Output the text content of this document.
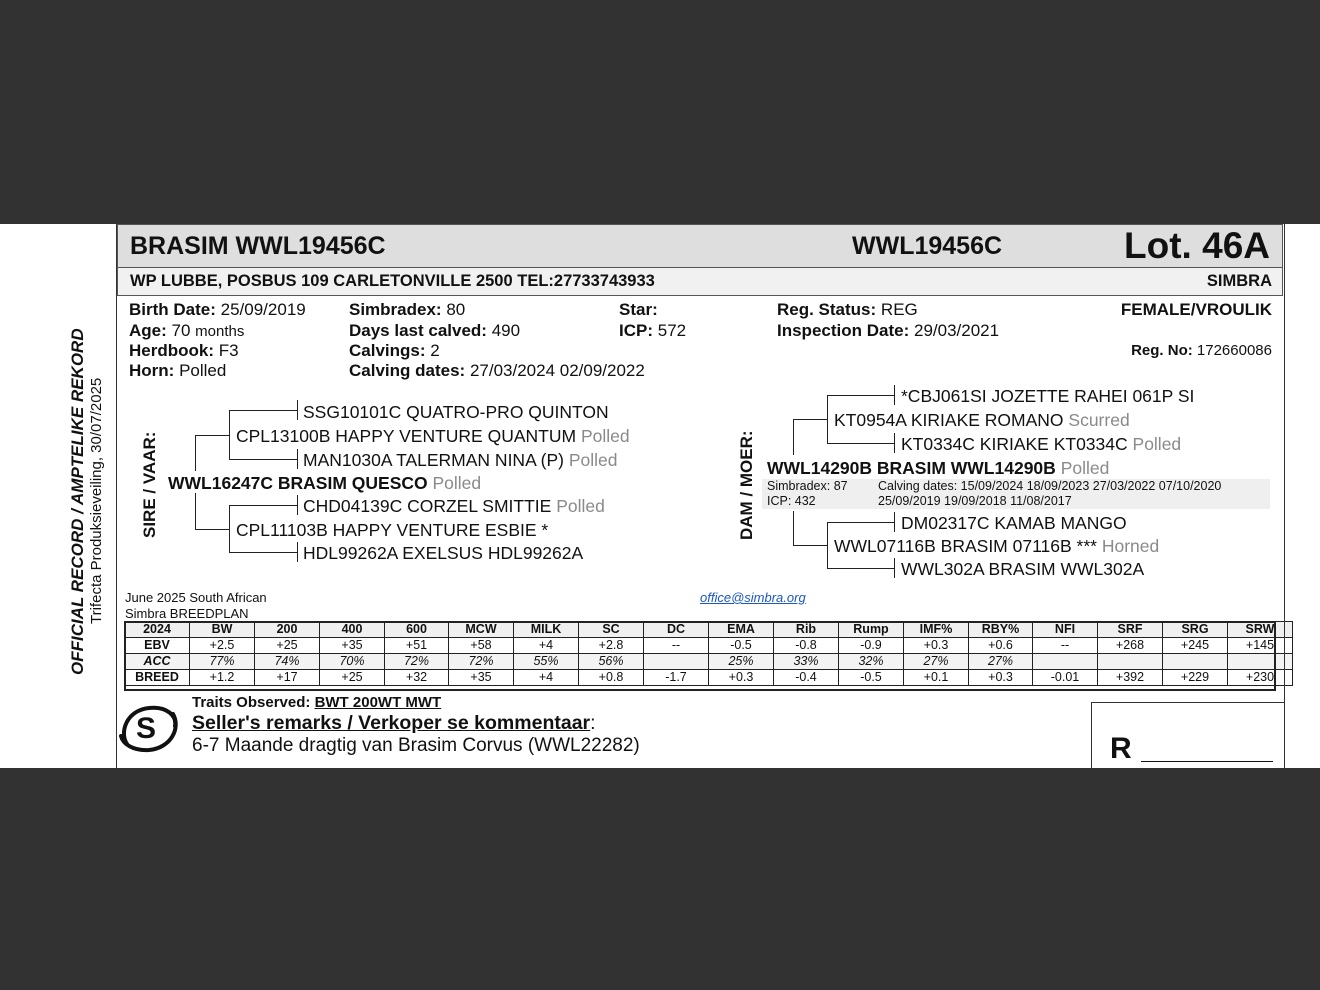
OFFICIAL RECORD / AMPTELIKE REKORD Trifecta Produksieveiling, 30/07/2025
BRASIM WWL19456C	WWL19456C	Lot. 46A
WP LUBBE, POSBUS 109 CARLETONVILLE 2500 TEL:27733743933	SIMBRA
Birth Date: 25/09/2019
Age: 70 months
Herdbook: F3
Horn: Polled
Simbradex: 80
Days last calved: 490
Calvings: 2
Calving dates: 27/03/2024 02/09/2022
Star:
ICP: 572
Reg. Status: REG
Inspection Date: 29/03/2021
FEMALE/VROULIK
Reg. No: 172660086
SIRE / VAAR:
SSG10101C QUATRO-PRO QUINTON
CPL13100B HAPPY VENTURE QUANTUM Polled
MAN1030A TALERMAN NINA (P) Polled
WWL16247C BRASIM QUESCO Polled
CHD04139C CORZEL SMITTIE Polled
CPL11103B HAPPY VENTURE ESBIE *
HDL99262A EXELSUS HDL99262A
DAM / MOER:
*CBJ061SI JOZETTE RAHEI 061P SI
KT0954A KIRIAKE ROMANO Scurred
KT0334C KIRIAKE KT0334C Polled
WWL14290B BRASIM WWL14290B Polled
Simbradex: 87
ICP: 432
Calving dates: 15/09/2024 18/09/2023 27/03/2022 07/10/2020
25/09/2019 19/09/2018 11/08/2017
DM02317C KAMAB MANGO
WWL07116B BRASIM 07116B *** Horned
WWL302A BRASIM WWL302A
June 2025 South African
Simbra BREEDPLAN
office@simbra.org
2024	BW	200	400	600	MCW	MILK	SC	DC	EMA	Rib	Rump	IMF%	RBY%	NFI	SRF	SRG	SRW
EBV	+2.5	+25	+35	+51	+58	+4	+2.8	--	-0.5	-0.8	-0.9	+0.3	+0.6	--	+268	+245	+145
ACC	77%	74%	70%	72%	72%	55%	56%		25%	33%	32%	27%	27%				
BREED	+1.2	+17	+25	+32	+35	+4	+0.8	-1.7	+0.3	-0.4	-0.5	+0.1	+0.3	-0.01	+392	+229	+230
S
Traits Observed: BWT 200WT MWT
Seller's remarks / Verkoper se kommentaar:
6-7 Maande dragtig van Brasim Corvus (WWL22282)	R
